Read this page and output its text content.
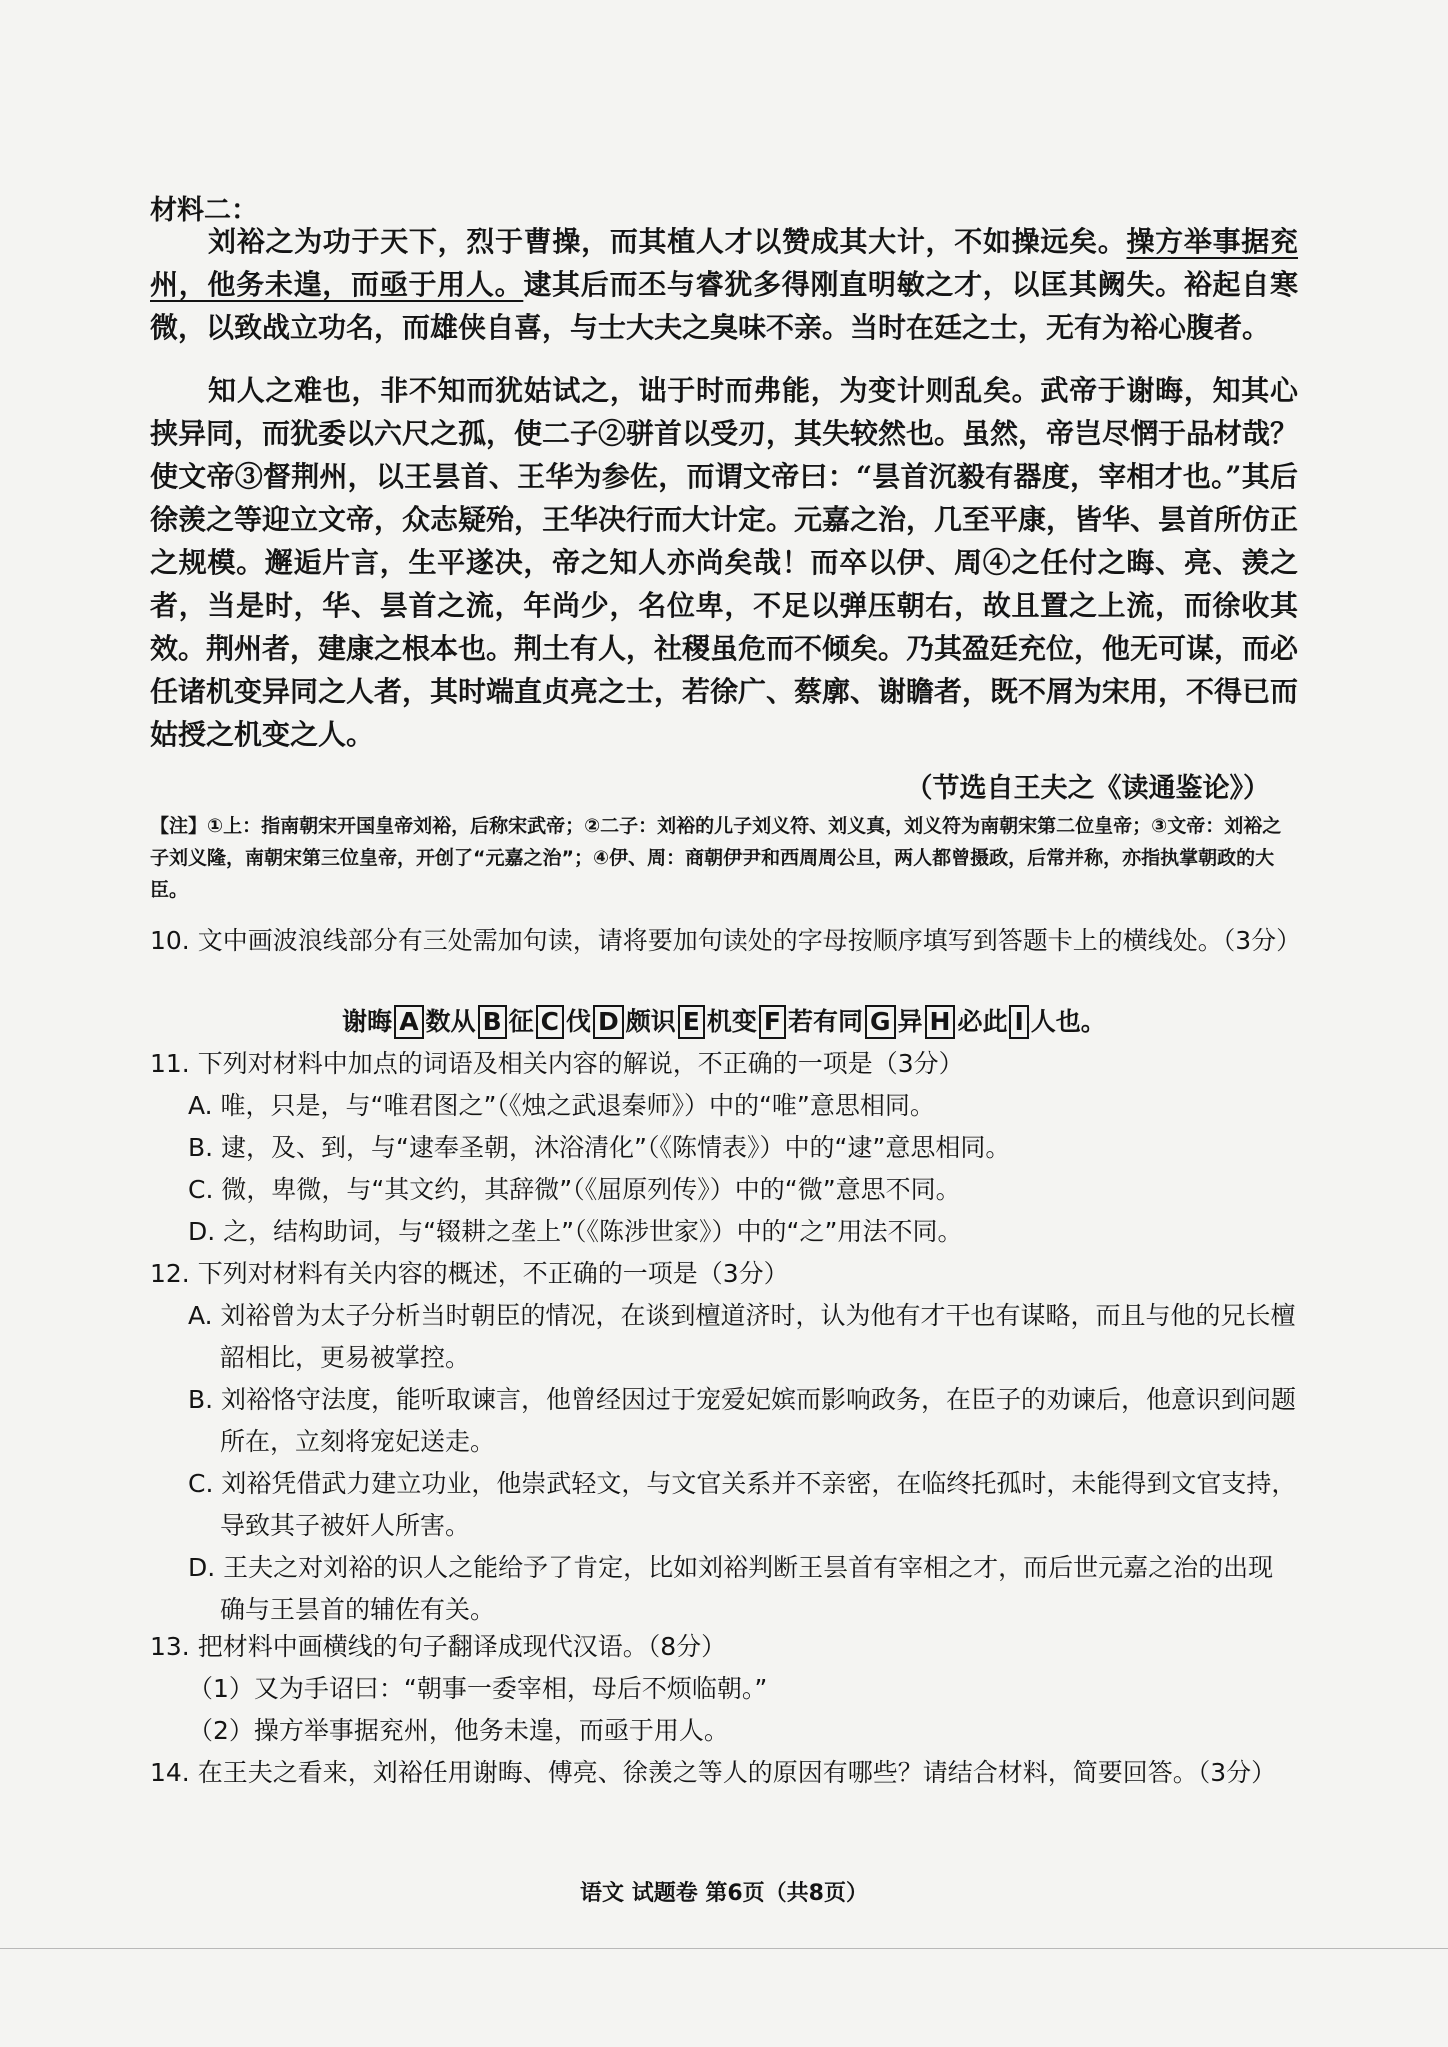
材料二：

刘裕之为功于天下，烈于曹操，而其植人才以赞成其大计，不如操远矣。操方举事据兖州，他务未遑，而亟于用人。逮其后而丕与睿犹多得刚直明敏之才，以匡其阙失。裕起自寒微，以致战立功名，而雄侠自喜，与士大夫之臭味不亲。当时在廷之士，无有为裕心腹者。

知人之难也，非不知而犹姑试之，诎于时而弗能，为变计则乱矣。武帝于谢晦，知其心挟异同，而犹委以六尺之孤，使二子②骈首以受刃，其失较然也。虽然，帝岂尽惘于品材哉？使文帝③督荆州，以王昙首、王华为参佐，而谓文帝曰：“昙首沉毅有器度，宰相才也。”其后徐羡之等迎立文帝，众志疑殆，王华决行而大计定。元嘉之治，几至平康，皆华、昙首所仿正之规模。邂逅片言，生平遂决，帝之知人亦尚矣哉！而卒以伊、周④之任付之晦、亮、羡之者，当是时，华、昙首之流，年尚少，名位卑，不足以弹压朝右，故且置之上流，而徐收其效。荆州者，建康之根本也。荆土有人，社稷虽危而不倾矣。乃其盈廷充位，他无可谋，而必任诸机变异同之人者，其时端直贞亮之士，若徐广、蔡廓、谢瞻者，既不屑为宋用，不得已而姑授之机变之人。

（节选自王夫之《读通鉴论》）

【注】①上：指南朝宋开国皇帝刘裕，后称宋武帝；②二子：刘裕的儿子刘义符、刘义真，刘义符为南朝宋第二位皇帝；③文帝：刘裕之子刘义隆，南朝宋第三位皇帝，开创了“元嘉之治”；④伊、周：商朝伊尹和西周周公旦，两人都曾摄政，后常并称，亦指执掌朝政的大臣。

10. 文中画波浪线部分有三处需加句读，请将要加句读处的字母按顺序填写到答题卡上的横线处。（3分）
谢晦 A 数从 B 征 C 伐 D 颇识 E 机变 F 若有同 G 异 H 必此 I 人也。
11. 下列对材料中加点的词语及相关内容的解说，不正确的一项是（3分）
A. 唯，只是，与“唯君图之”（《烛之武退秦师》）中的“唯”意思相同。
B. 逮，及、到，与“逮奉圣朝，沐浴清化”（《陈情表》）中的“逮”意思相同。
C. 微，卑微，与“其文约，其辞微”（《屈原列传》）中的“微”意思不同。
D. 之，结构助词，与“辍耕之垄上”（《陈涉世家》）中的“之”用法不同。
12. 下列对材料有关内容的概述，不正确的一项是（3分）
A. 刘裕曾为太子分析当时朝臣的情况，在谈到檀道济时，认为他有才干也有谋略，而且与他的兄长檀韶相比，更易被掌控。
B. 刘裕恪守法度，能听取谏言，他曾经因过于宠爱妃嫔而影响政务，在臣子的劝谏后，他意识到问题所在，立刻将宠妃送走。
C. 刘裕凭借武力建立功业，他崇武轻文，与文官关系并不亲密，在临终托孤时，未能得到文官支持，导致其子被奸人所害。
D. 王夫之对刘裕的识人之能给予了肯定，比如刘裕判断王昙首有宰相之才，而后世元嘉之治的出现确与王昙首的辅佐有关。
13. 把材料中画横线的句子翻译成现代汉语。（8分）
（1）又为手诏曰：“朝事一委宰相，母后不烦临朝。”
（2）操方举事据兖州，他务未遑，而亟于用人。
14. 在王夫之看来，刘裕任用谢晦、傅亮、徐羡之等人的原因有哪些？请结合材料，简要回答。（3分）
语文 试题卷 第6页（共8页）
